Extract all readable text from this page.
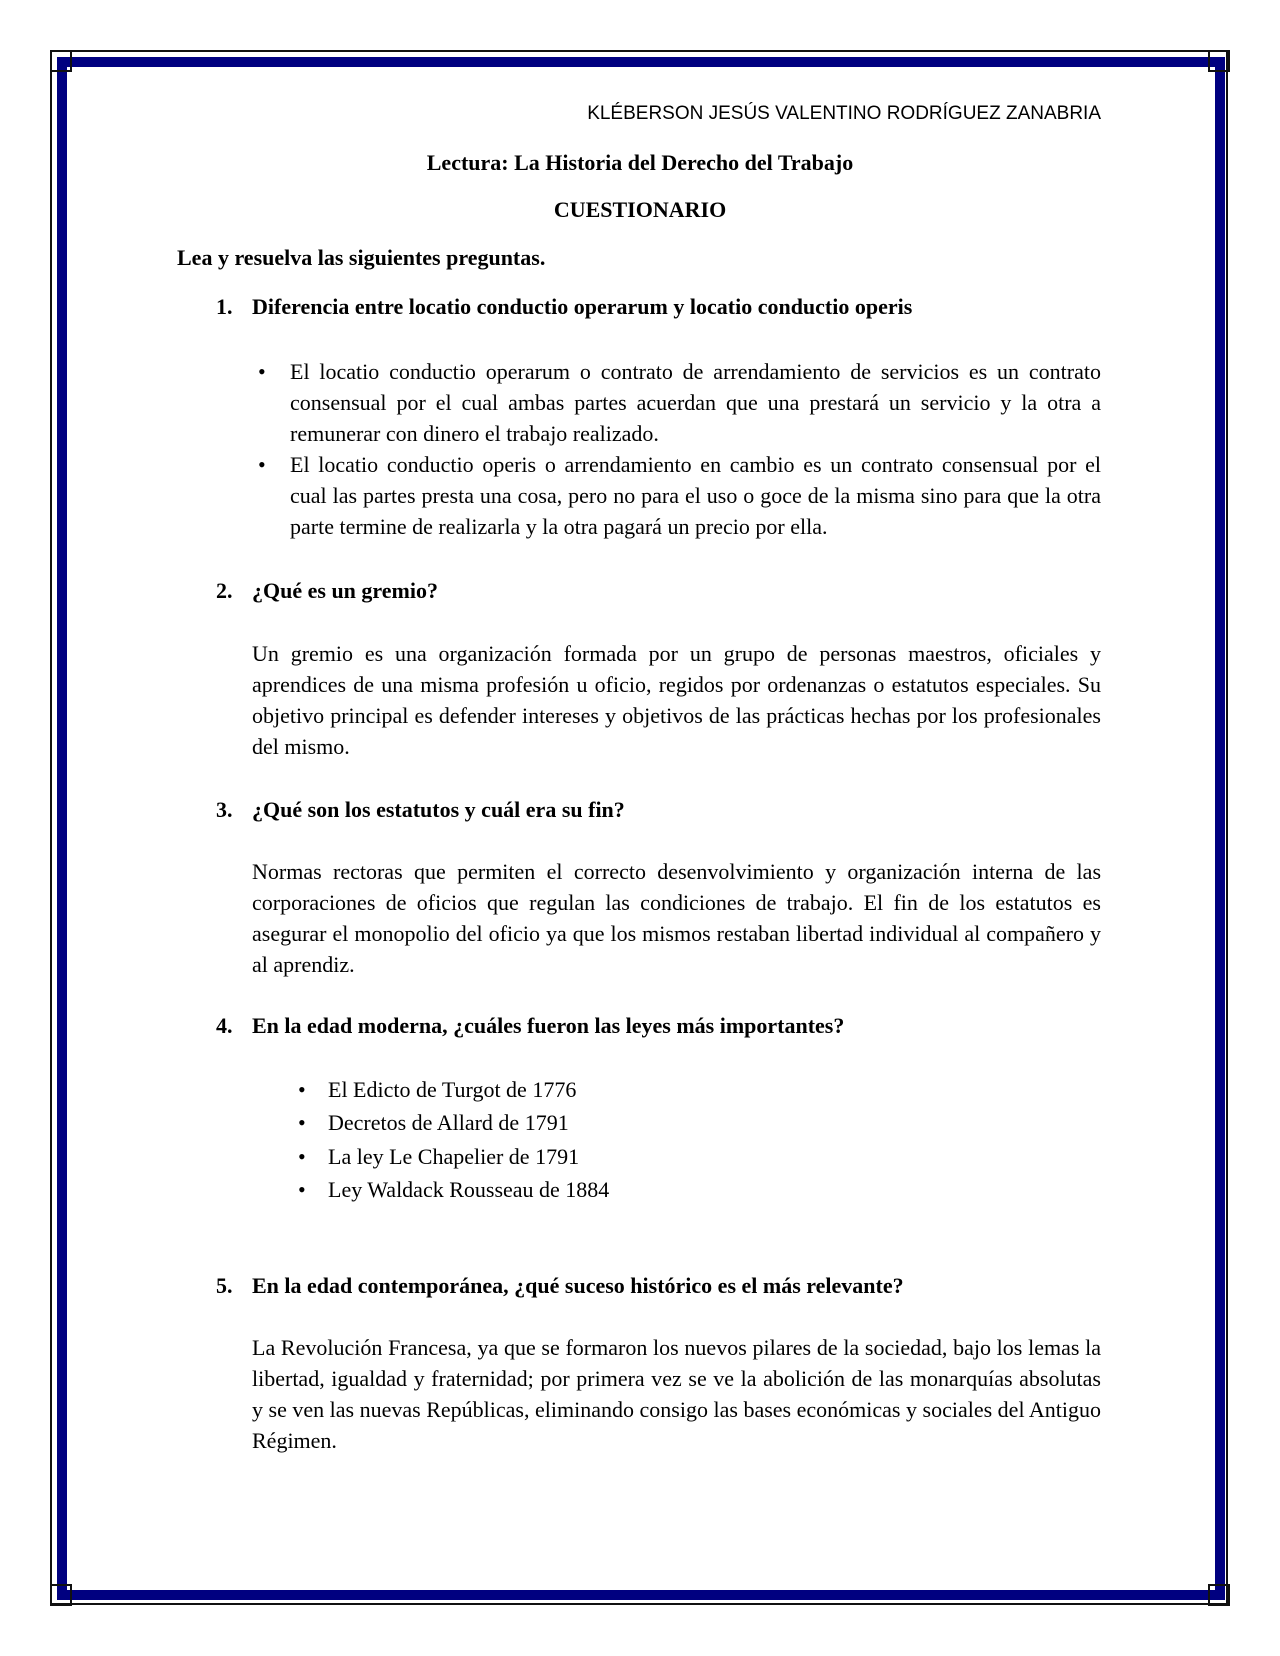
KLÉBERSON JESÚS VALENTINO RODRÍGUEZ ZANABRIA
Lectura: La Historia del Derecho del Trabajo
CUESTIONARIO
Lea y resuelva las siguientes preguntas.
1. Diferencia entre locatio conductio operarum y locatio conductio operis
• El locatio conductio operarum o contrato de arrendamiento de servicios es un contrato consensual por el cual ambas partes acuerdan que una prestará un servicio y la otra a remunerar con dinero el trabajo realizado.
• El locatio conductio operis o arrendamiento en cambio es un contrato consensual por el cual las partes presta una cosa, pero no para el uso o goce de la misma sino para que la otra parte termine de realizarla y la otra pagará un precio por ella.
2. ¿Qué es un gremio?
Un gremio es una organización formada por un grupo de personas maestros, oficiales y aprendices de una misma profesión u oficio, regidos por ordenanzas o estatutos especiales. Su objetivo principal es defender intereses y objetivos de las prácticas hechas por los profesionales del mismo.
3. ¿Qué son los estatutos y cuál era su fin?
Normas rectoras que permiten el correcto desenvolvimiento y organización interna de las corporaciones de oficios que regulan las condiciones de trabajo. El fin de los estatutos es asegurar el monopolio del oficio ya que los mismos restaban libertad individual al compañero y al aprendiz.
4. En la edad moderna, ¿cuáles fueron las leyes más importantes?
• El Edicto de Turgot de 1776
• Decretos de Allard de 1791
• La ley Le Chapelier de 1791
• Ley Waldack Rousseau de 1884
5. En la edad contemporánea, ¿qué suceso histórico es el más relevante?
La Revolución Francesa, ya que se formaron los nuevos pilares de la sociedad, bajo los lemas la libertad, igualdad y fraternidad; por primera vez se ve la abolición de las monarquías absolutas y se ven las nuevas Repúblicas, eliminando consigo las bases económicas y sociales del Antiguo Régimen.
